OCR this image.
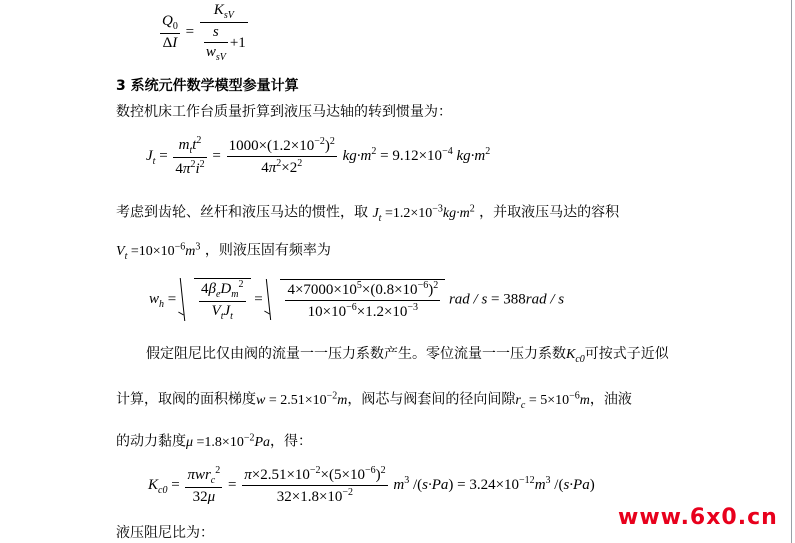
$\frac{Q_0}{\Delta I} = \frac{K_{sV}}{\frac{s}{w_{sV}} +1}$
3 系统元件数学模型参量计算
数控机床工作台质量折算到液压马达轴的转到惯量为：
$J_t = \frac{m_tt^2}{4\pi^2i^2} = \frac{1000\times(1.2\times 10^{-2})^2}{4\pi^2\times 2^2} kg\cdot m^2 = 9.12\times 10^{-4}$ $kg\cdot m^2$
考虑到齿轮、丝杆和液压马达的惯性，取 $J_t =1.2\times 10^{-3}kg\cdot m^2$ ，并取液压马达的容积
$V_t =10\times 10^{-6}m^3$ ，则液压固有频率为
$w_h = \frac{4\beta_eD_m^2}{V_tJ_t} = \frac{4\times 7000\times 10^5\times(0.8\times 10^{-6})^2}{10\times 10^{-6}\times 1.2\times 10^{-3}}$ rad / s = 388rad / s
假定阻尼比仅由阀的流量一一压力系数产生。零位流量一一压力系数$K_{c0}$可按式子近似
计算，取阀的面积梯度$w = 2.51\times 10^{-2}m$，阀芯与阀套间的径向间隙$r_c = 5\times 10^{-6}m$，油液
的动力黏度$\mu =1.8\times 10^{-2}Pa$，得：
$K_{c0} = \frac{\pi wr_c^2}{32\mu} = \frac{\pi\times 2.51\times 10^{-2}\times(5\times 10^{-6})^2}{32\times 1.8\times 10^{-2}} m^3$ $/(s\cdot Pa) = 3.24\times 10^{-12}m^3$ /(s·Pa)
液压阻尼比为：
www.6x0.cn
